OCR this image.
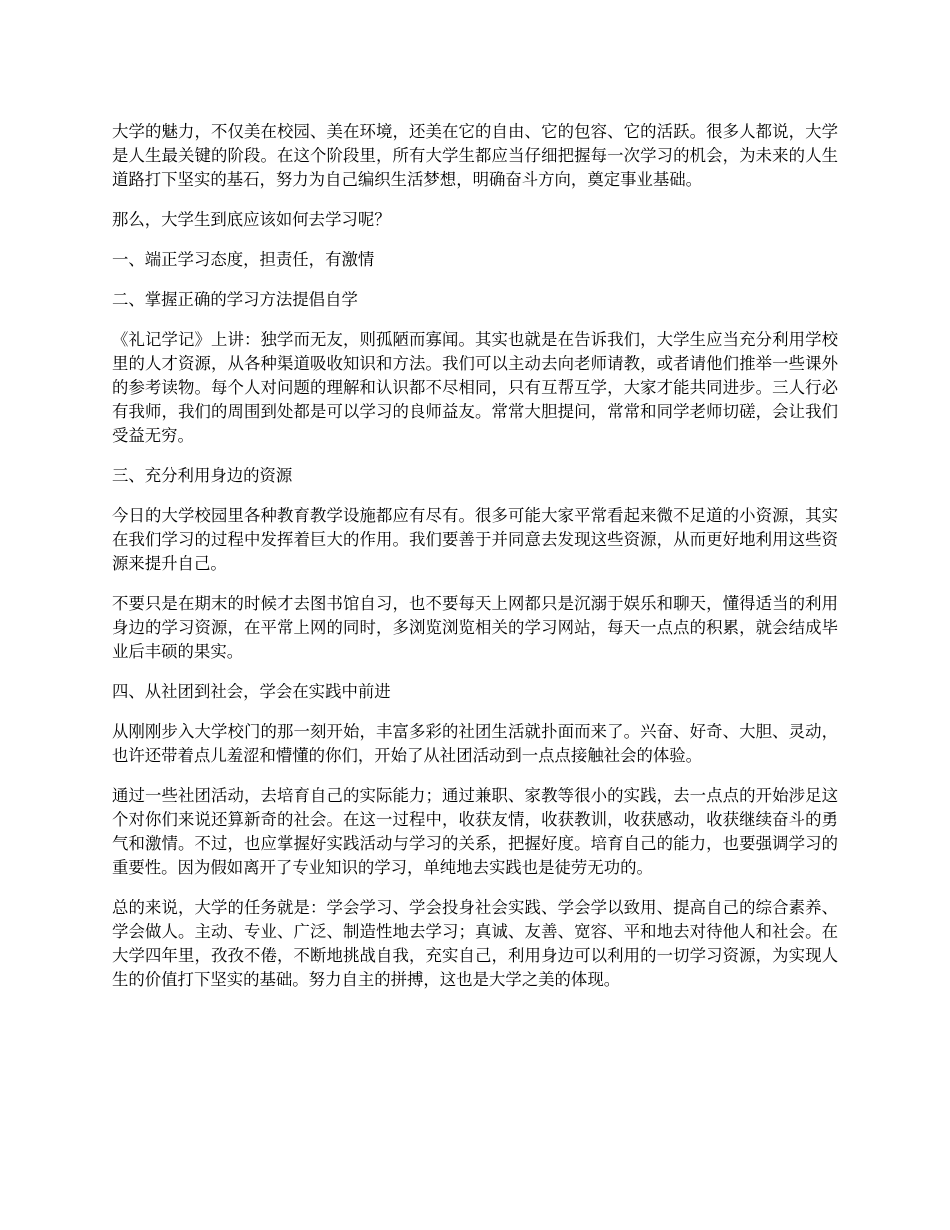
大学的魅力，不仅美在校园、美在环境，还美在它的自由、它的包容、它的活跃。很多人都说，大学是人生最关键的阶段。在这个阶段里，所有大学生都应当仔细把握每一次学习的机会，为未来的人生道路打下坚实的基石，努力为自己编织生活梦想，明确奋斗方向，奠定事业基础。

那么，大学生到底应该如何去学习呢？

一、端正学习态度，担责任，有激情

二、掌握正确的学习方法提倡自学

《礼记学记》上讲：独学而无友，则孤陋而寡闻。其实也就是在告诉我们，大学生应当充分利用学校里的人才资源，从各种渠道吸收知识和方法。我们可以主动去向老师请教，或者请他们推举一些课外的参考读物。每个人对问题的理解和认识都不尽相同，只有互帮互学，大家才能共同进步。三人行必有我师，我们的周围到处都是可以学习的良师益友。常常大胆提问，常常和同学老师切磋，会让我们受益无穷。

三、充分利用身边的资源

今日的大学校园里各种教育教学设施都应有尽有。很多可能大家平常看起来微不足道的小资源，其实在我们学习的过程中发挥着巨大的作用。我们要善于并同意去发现这些资源，从而更好地利用这些资源来提升自己。

不要只是在期末的时候才去图书馆自习，也不要每天上网都只是沉溺于娱乐和聊天，懂得适当的利用身边的学习资源，在平常上网的同时，多浏览浏览相关的学习网站，每天一点点的积累，就会结成毕业后丰硕的果实。

四、从社团到社会，学会在实践中前进

从刚刚步入大学校门的那一刻开始，丰富多彩的社团生活就扑面而来了。兴奋、好奇、大胆、灵动，也许还带着点儿羞涩和懵懂的你们，开始了从社团活动到一点点接触社会的体验。

通过一些社团活动，去培育自己的实际能力；通过兼职、家教等很小的实践，去一点点的开始涉足这个对你们来说还算新奇的社会。在这一过程中，收获友情，收获教训，收获感动，收获继续奋斗的勇气和激情。不过，也应掌握好实践活动与学习的关系，把握好度。培育自己的能力，也要强调学习的重要性。因为假如离开了专业知识的学习，单纯地去实践也是徒劳无功的。

总的来说，大学的任务就是：学会学习、学会投身社会实践、学会学以致用、提高自己的综合素养、学会做人。主动、专业、广泛、制造性地去学习；真诚、友善、宽容、平和地去对待他人和社会。在大学四年里，孜孜不倦，不断地挑战自我，充实自己，利用身边可以利用的一切学习资源，为实现人生的价值打下坚实的基础。努力自主的拼搏，这也是大学之美的体现。
